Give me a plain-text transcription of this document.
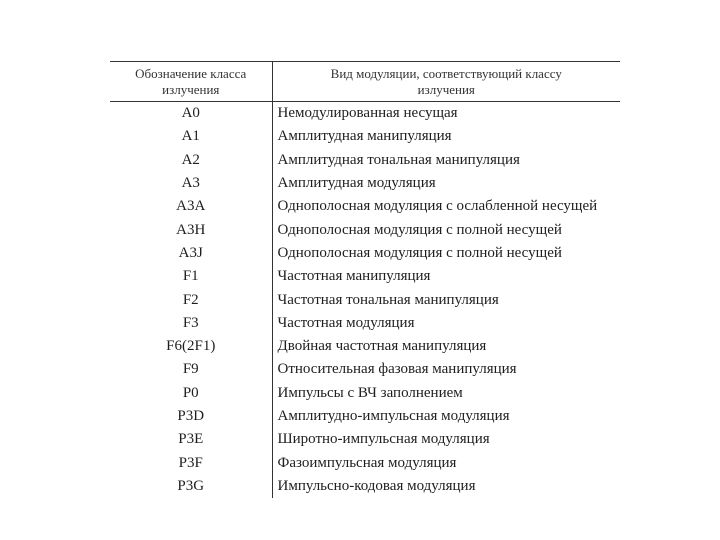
Обозначение класса
излучения	Вид модуляции, соответствующий классу
излучения

A0	Немодулированная несущая
A1	Амплитудная манипуляция
A2	Амплитудная тональная манипуляция
A3	Амплитудная модуляция
A3A	Однополосная модуляция с ослабленной несущей
A3H	Однополосная модуляция с полной несущей
A3J	Однополосная модуляция с полной несущей
F1	Частотная манипуляция
F2	Частотная тональная манипуляция
F3	Частотная модуляция
F6(2F1)	Двойная частотная манипуляция
F9	Относительная фазовая манипуляция
P0	Импульсы с ВЧ заполнением
P3D	Амплитудно-импульсная модуляция
P3E	Широтно-импульсная модуляция
P3F	Фазоимпульсная модуляция
P3G	Импульсно-кодовая модуляция
